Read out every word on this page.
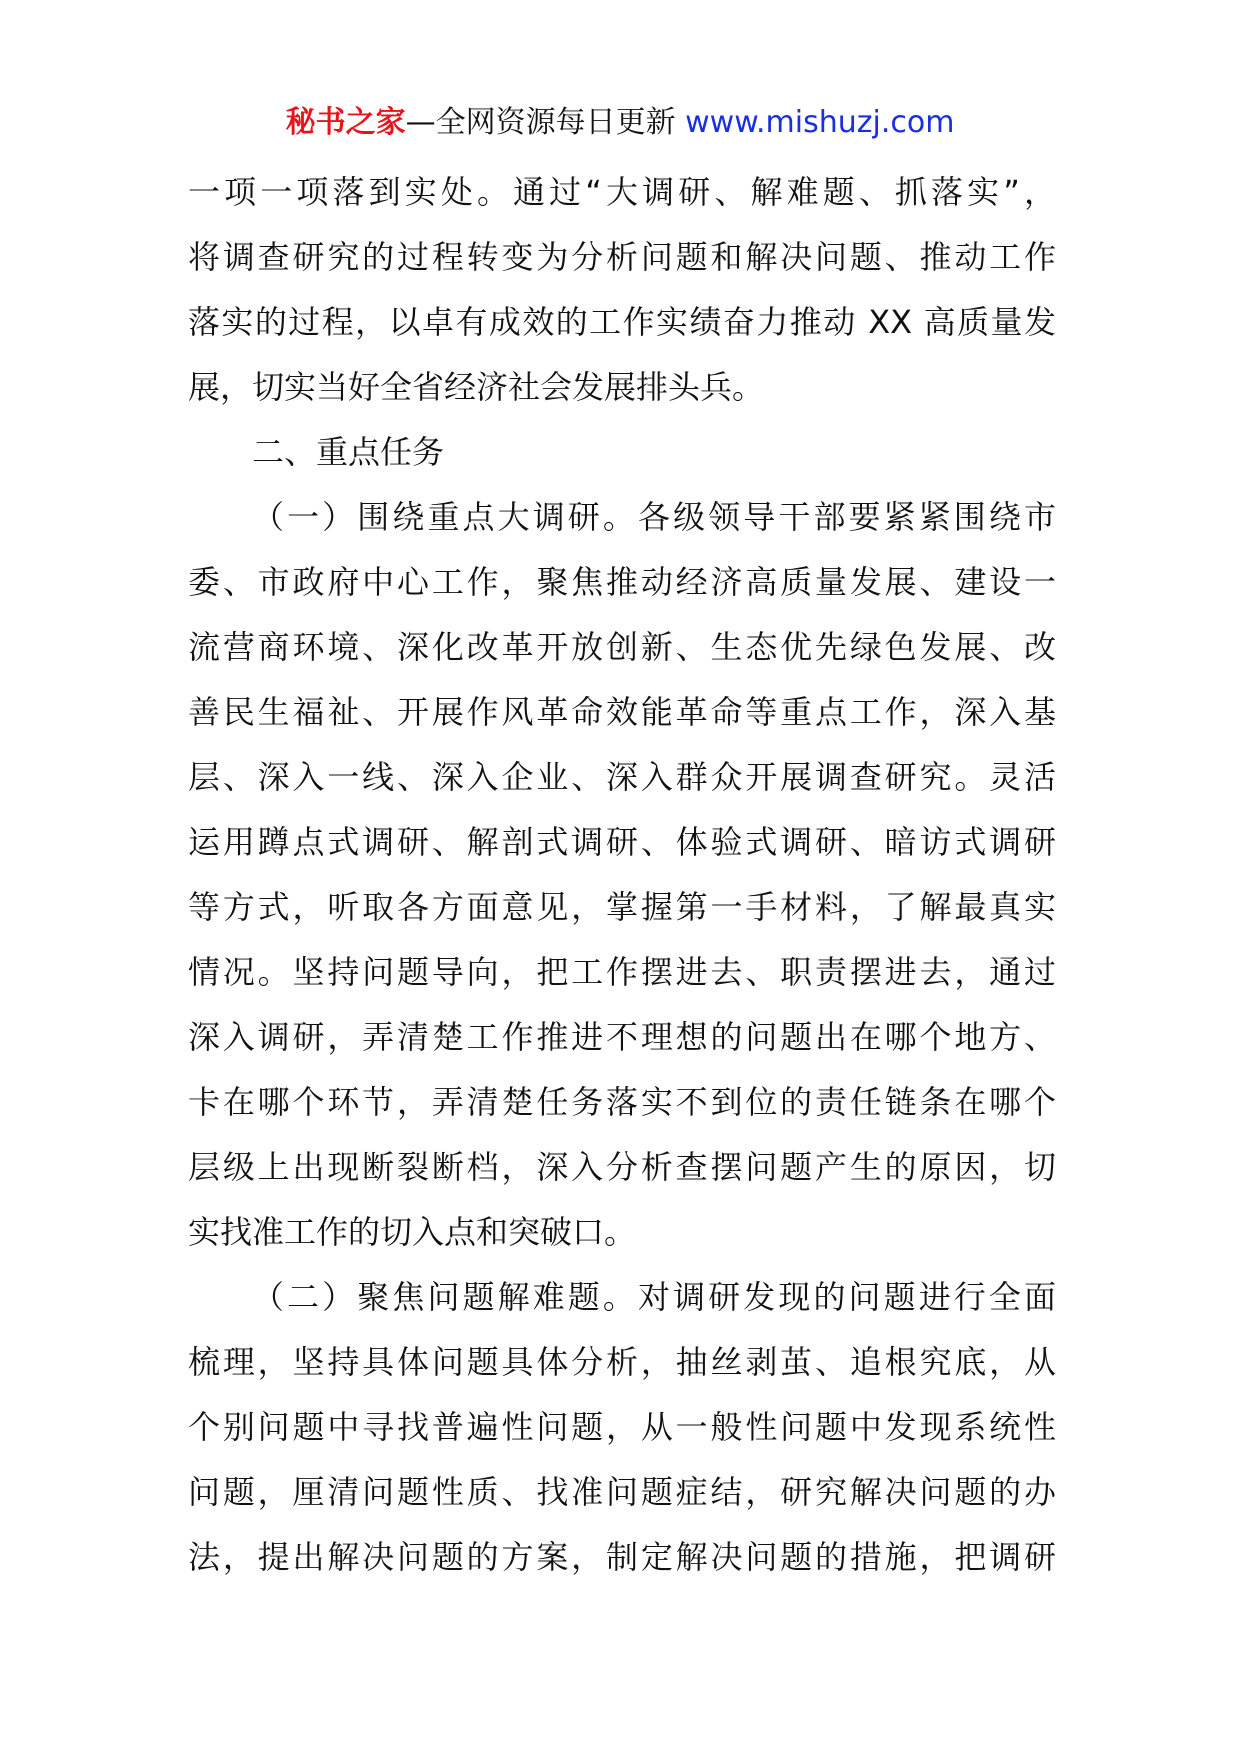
秘书之家—全网资源每日更新 www.mishuzj.com
一项一项落到实处。通过“大调研、解难题、抓落实”，
将调查研究的过程转变为分析问题和解决问题、推动工作
落实的过程，以卓有成效的工作实绩奋力推动 XX 高质量发
展，切实当好全省经济社会发展排头兵。
二、重点任务
（一）围绕重点大调研。各级领导干部要紧紧围绕市
委、市政府中心工作，聚焦推动经济高质量发展、建设一
流营商环境、深化改革开放创新、生态优先绿色发展、改
善民生福祉、开展作风革命效能革命等重点工作，深入基
层、深入一线、深入企业、深入群众开展调查研究。灵活
运用蹲点式调研、解剖式调研、体验式调研、暗访式调研
等方式，听取各方面意见，掌握第一手材料，了解最真实
情况。坚持问题导向，把工作摆进去、职责摆进去，通过
深入调研，弄清楚工作推进不理想的问题出在哪个地方、
卡在哪个环节，弄清楚任务落实不到位的责任链条在哪个
层级上出现断裂断档，深入分析查摆问题产生的原因，切
实找准工作的切入点和突破口。
（二）聚焦问题解难题。对调研发现的问题进行全面
梳理，坚持具体问题具体分析，抽丝剥茧、追根究底，从
个别问题中寻找普遍性问题，从一般性问题中发现系统性
问题，厘清问题性质、找准问题症结，研究解决问题的办
法，提出解决问题的方案，制定解决问题的措施，把调研
